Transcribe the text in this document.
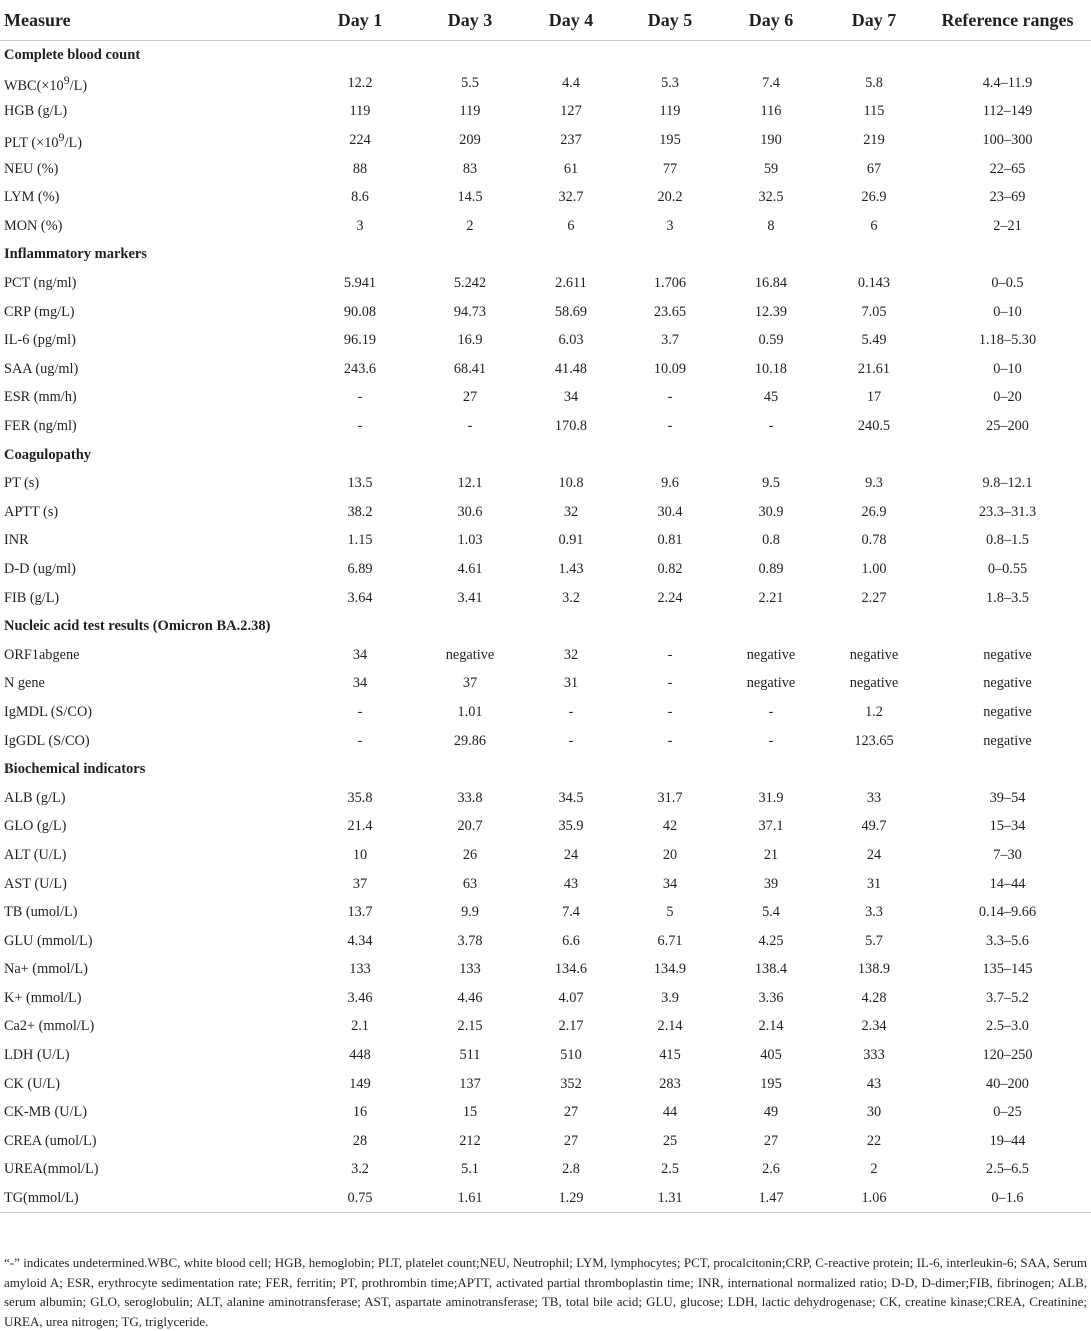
Measure	Day 1	Day 3	Day 4	Day 5	Day 6	Day 7	Reference ranges
Complete blood count							
$WBC(\times 10^9/L)$	12.2	5.5	4.4	5.3	7.4	5.8	4.4–11.9
HGB (g/L)	119	119	127	119	116	115	112–149
PLT $(\times 10^9/L)$	224	209	237	195	190	219	100–300
NEU (%)	88	83	61	77	59	67	22–65
LYM (%)	8.6	14.5	32.7	20.2	32.5	26.9	23–69
MON (%)	3	2	6	3	8	6	2–21
Inflammatory markers							
PCT (ng/ml)	5.941	5.242	2.611	1.706	16.84	0.143	0–0.5
CRP (mg/L)	90.08	94.73	58.69	23.65	12.39	7.05	0–10
IL-6 (pg/ml)	96.19	16.9	6.03	3.7	0.59	5.49	1.18–5.30
SAA (ug/ml)	243.6	68.41	41.48	10.09	10.18	21.61	0–10
ESR (mm/h)	-	27	34	-	45	17	0–20
FER (ng/ml)	-	-	170.8	-	-	240.5	25–200
Coagulopathy							
PT (s)	13.5	12.1	10.8	9.6	9.5	9.3	9.8–12.1
APTT (s)	38.2	30.6	32	30.4	30.9	26.9	23.3–31.3
INR	1.15	1.03	0.91	0.81	0.8	0.78	0.8–1.5
D-D (ug/ml)	6.89	4.61	1.43	0.82	0.89	1.00	0–0.55
FIB (g/L)	3.64	3.41	3.2	2.24	2.21	2.27	1.8–3.5
Nucleic acid test results (Omicron BA.2.38)							
ORF1abgene	34	negative	32	-	negative	negative	negative
N gene	34	37	31	-	negative	negative	negative
IgMDL (S/CO)	-	1.01	-	-	-	1.2	negative
IgGDL (S/CO)	-	29.86	-	-	-	123.65	negative
Biochemical indicators							
ALB (g/L)	35.8	33.8	34.5	31.7	31.9	33	39–54
GLO (g/L)	21.4	20.7	35.9	42	37.1	49.7	15–34
ALT (U/L)	10	26	24	20	21	24	7–30
AST (U/L)	37	63	43	34	39	31	14–44
TB (umol/L)	13.7	9.9	7.4	5	5.4	3.3	0.14–9.66
GLU (mmol/L)	4.34	3.78	6.6	6.71	4.25	5.7	3.3–5.6
Na+ (mmol/L)	133	133	134.6	134.9	138.4	138.9	135–145
K+ (mmol/L)	3.46	4.46	4.07	3.9	3.36	4.28	3.7–5.2
Ca2+ (mmol/L)	2.1	2.15	2.17	2.14	2.14	2.34	2.5–3.0
LDH (U/L)	448	511	510	415	405	333	120–250
CK (U/L)	149	137	352	283	195	43	40–200
CK-MB (U/L)	16	15	27	44	49	30	0–25
CREA (umol/L)	28	212	27	25	27	22	19–44
UREA(mmol/L)	3.2	5.1	2.8	2.5	2.6	2	2.5–6.5
TG(mmol/L)	0.75	1.61	1.29	1.31	1.47	1.06	0–1.6

“-” indicates undetermined.WBC, white blood cell; HGB, hemoglobin; PLT, platelet count;NEU, Neutrophil; LYM, lymphocytes; PCT, procalcitonin;CRP, C-reactive protein; IL-6, interleukin-6; SAA, Serum amyloid A; ESR, erythrocyte sedimentation rate; FER, ferritin; PT, prothrombin time;APTT, activated partial thromboplastin time; INR, international normalized ratio; D-D, D-dimer;FIB, fibrinogen; ALB, serum albumin; GLO, seroglobulin; ALT, alanine aminotransferase; AST, aspartate aminotransferase; TB, total bile acid; GLU, glucose; LDH, lactic dehydrogenase; CK, creatine kinase;CREA, Creatinine; UREA, urea nitrogen; TG, triglyceride.
